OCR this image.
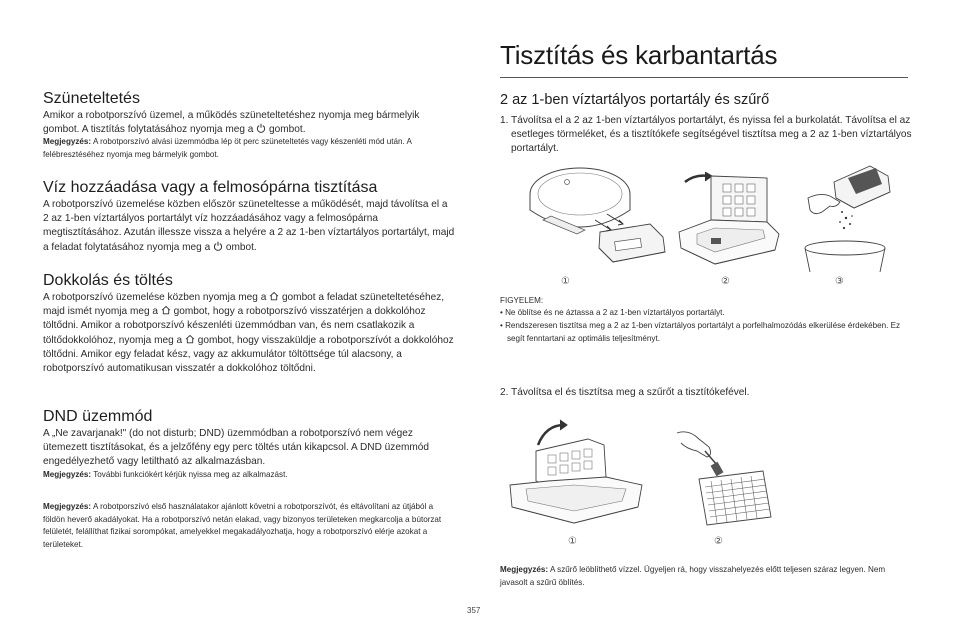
Tisztítás és karbantartás
Szüneteltetés

Amikor a robotporszívó üzemel, a működés szüneteltetéshez nyomja meg bármelyik gombot. A tisztítás folytatásához nyomja meg a gombot.

Megjegyzés: A robotporszívó alvási üzemmódba lép öt perc szüneteltetés vagy készenléti mód után. A felébresztéséhez nyomja meg bármelyik gombot.

Víz hozzáadása vagy a felmosópárna tisztítása

A robotporszívó üzemelése közben először szüneteltesse a működését, majd távolítsa el a 2 az 1-ben víztartályos portartályt víz hozzáadásához vagy a felmosópárna megtisztításához. Azután illessze vissza a helyére a 2 az 1-ben víztartályos portartályt, majd a feladat folytatásához nyomja meg a ombot.

Dokkolás és töltés

A robotporszívó üzemelése közben nyomja meg a gombot a feladat szüneteltetéséhez, majd ismét nyomja meg a gombot, hogy a robotporszívó visszatérjen a dokkolóhoz töltődni. Amikor a robotporszívó készenléti üzemmódban van, és nem csatlakozik a töltődokkolóhoz, nyomja meg a gombot, hogy visszaküldje a robotporszívót a dokkolóhoz töltődni. Amikor egy feladat kész, vagy az akkumulátor töltöttsége túl alacsony, a robotporszívó automatikusan visszatér a dokkolóhoz töltődni.

DND üzemmód

A „Ne zavarjanak!" (do not disturb; DND) üzemmódban a robotporszívó nem végez ütemezett tisztításokat, és a jelzőfény egy perc töltés után kikapcsol. A DND üzemmód engedélyezhető vagy letiltható az alkalmazásban.

Megjegyzés: További funkciókért kérjük nyissa meg az alkalmazást.

Megjegyzés: A robotporszívó első használatakor ajánlott követni a robotporszívót, és eltávolítani az útjából a földön heverő akadályokat. Ha a robotporszívó netán elakad, vagy bizonyos területeken megkarcolja a bútorzat felületét, felállíthat fizikai sorompókat, amelyekkel megakadályozhatja, hogy a robotporszívó elérje azokat a területeket.

2 az 1-ben víztartályos portartály és szűrő

1. Távolítsa el a 2 az 1-ben víztartályos portartályt, és nyissa fel a burkolatát. Távolítsa el az esetleges törmeléket, és a tisztítókefe segítségével tisztítsa meg a 2 az 1-ben víztartályos portartályt.

①	②	③
FIGYELEM:

• Ne öblítse és ne áztassa a 2 az 1-ben víztartályos portartályt.

• Rendszeresen tisztítsa meg a 2 az 1-ben víztartályos portartályt a porfelhalmozódás elkerülése érdekében. Ez segít fenntartani az optimális teljesítményt.

2. Távolítsa el és tisztítsa meg a szűrőt a tisztítókefével.

①	②

Megjegyzés: A szűrő leöblíthető vízzel. Ügyeljen rá, hogy visszahelyezés előtt teljesen száraz legyen. Nem javasolt a szűrű öblítés.

357
